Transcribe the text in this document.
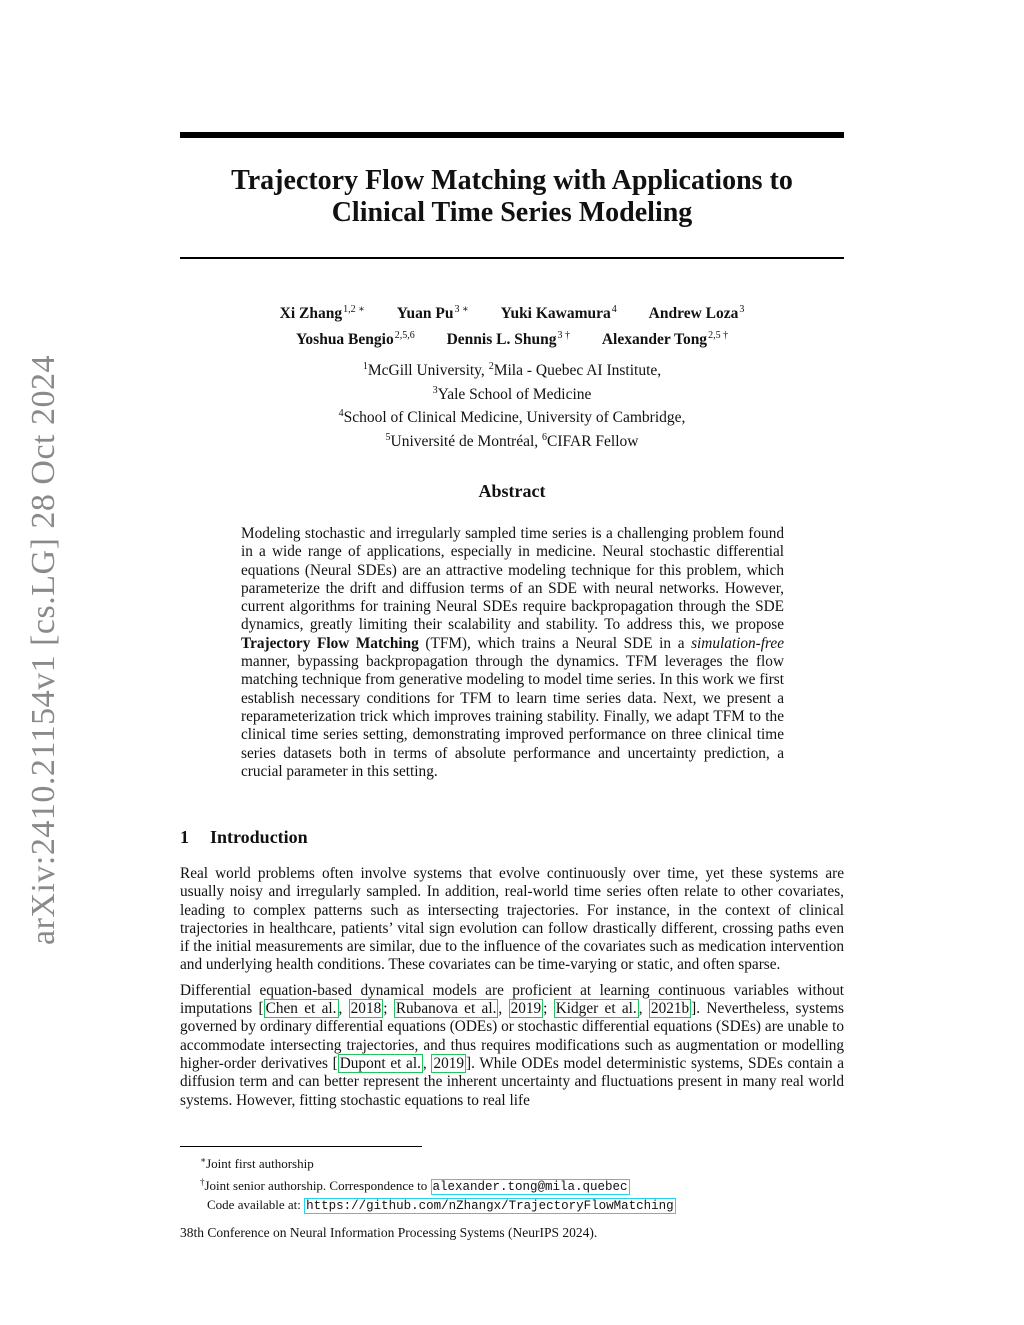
arXiv:2410.21154v1 [cs.LG] 28 Oct 2024
Trajectory Flow Matching with Applications to
Clinical Time Series Modeling
Xi Zhang$^{1,2 ∗}$ Yuan $Pu^{3 ∗}$ Yuki Kawamura$^4$ Andrew Loza$^3$
Yoshua Bengio$^{2,5,6}$ Dennis L. Shung$^{3 \dagger}$ Alexander Tong$^{2,5 \dagger}$
$^1$McGill University, $^2$Mila - Quebec AI Institute,
$^3$Yale School of Medicine
$^4$School of Clinical Medicine, University of Cambridge,
$^5$Université de Montréal, $^6$CIFAR Fellow
Abstract
Modeling stochastic and irregularly sampled time series is a challenging problem found in a wide range of applications, especially in medicine. Neural stochastic differential equations (Neural SDEs) are an attractive modeling technique for this problem, which parameterize the drift and diffusion terms of an SDE with neural networks. However, current algorithms for training Neural SDEs require backpropagation through the SDE dynamics, greatly limiting their scalability and stability. To address this, we propose Trajectory Flow Matching (TFM), which trains a Neural SDE in a simulation-free manner, bypassing backpropagation through the dynamics. TFM leverages the flow matching technique from generative modeling to model time series. In this work we first establish necessary conditions for TFM to learn time series data. Next, we present a reparameterization trick which improves training stability. Finally, we adapt TFM to the clinical time series setting, demonstrating improved performance on three clinical time series datasets both in terms of absolute performance and uncertainty prediction, a crucial parameter in this setting.
1 Introduction

Real world problems often involve systems that evolve continuously over time, yet these systems are usually noisy and irregularly sampled. In addition, real-world time series often relate to other covariates, leading to complex patterns such as intersecting trajectories. For instance, in the context of clinical trajectories in healthcare, patients’ vital sign evolution can follow drastically different, crossing paths even if the initial measurements are similar, due to the influence of the covariates such as medication intervention and underlying health conditions. These covariates can be time-varying or static, and often sparse.

Differential equation-based dynamical models are proficient at learning continuous variables without imputations [ Chen et al. , 2018 ; Rubanova et al. , 2019 ; Kidger et al. , 2021b ]. Nevertheless, systems governed by ordinary differential equations (ODEs) or stochastic differential equations (SDEs) are unable to accommodate intersecting trajectories, and thus requires modifications such as augmentation or modelling higher-order derivatives [ Dupont et al. , 2019 ]. While ODEs model deterministic systems, SDEs contain a diffusion term and can better represent the inherent uncertainty and fluctuations present in many real world systems. However, fitting stochastic equations to real life

∗Joint first authorship
†Joint senior authorship. Correspondence to alexander.tong@mila.quebec
Code available at: https://github.com/nZhangx/TrajectoryFlowMatching
38th Conference on Neural Information Processing Systems (NeurIPS 2024).
